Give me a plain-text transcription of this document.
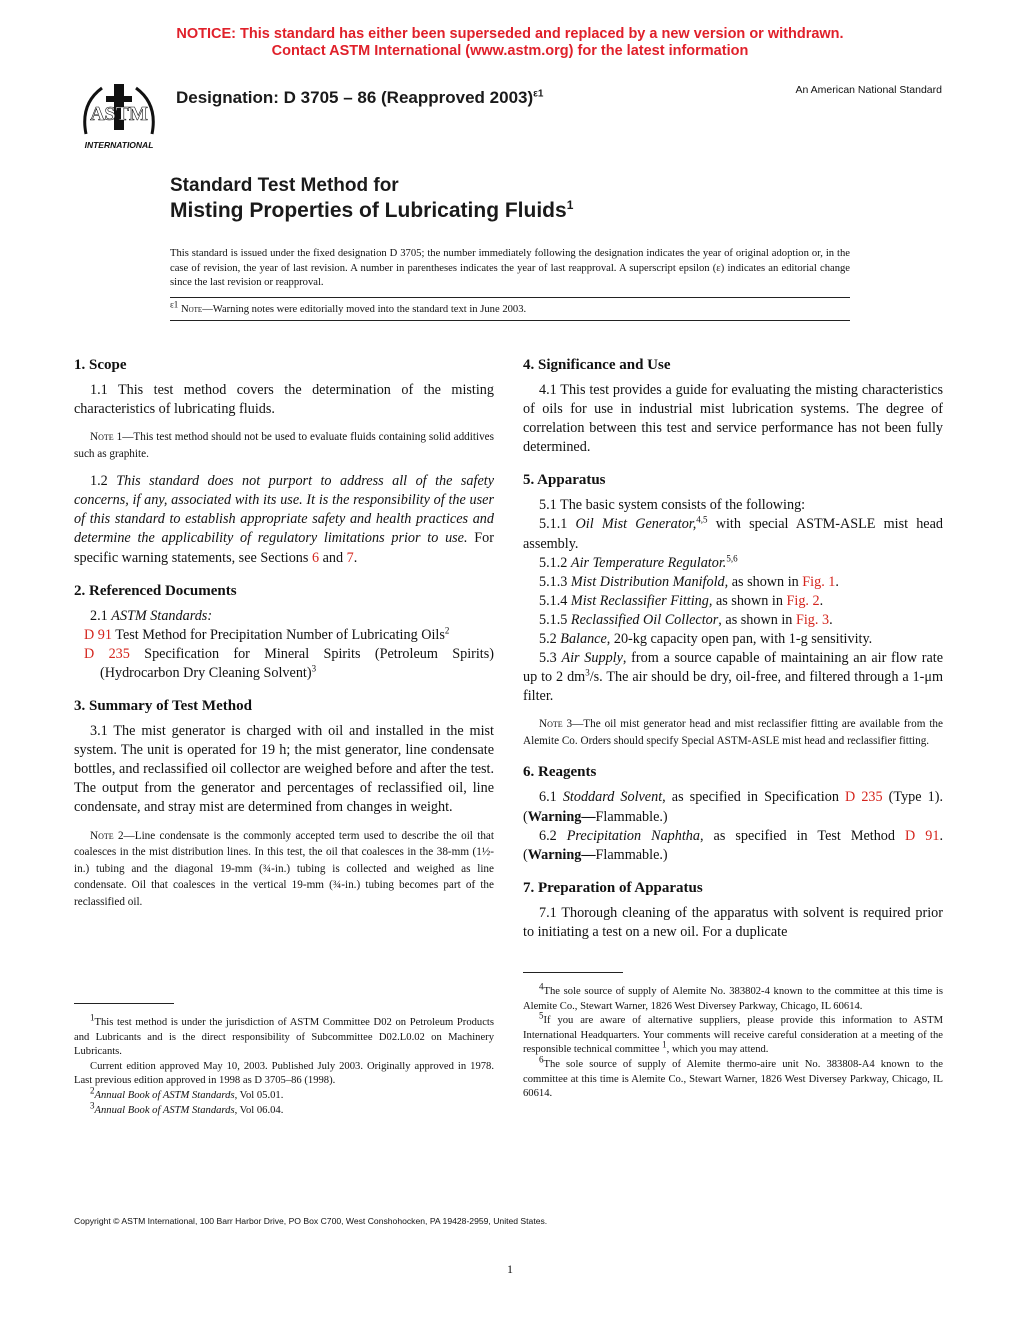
NOTICE: This standard has either been superseded and replaced by a new version or withdrawn.
Contact ASTM International (www.astm.org) for the latest information
ASTM
INTERNATIONAL
Designation: D 3705 – 86 (Reapproved 2003)$^{\varepsilon 1}$	An American National Standard
Standard Test Method for
Misting Properties of Lubricating Fluids$^1$
This standard is issued under the fixed designation D 3705; the number immediately following the designation indicates the year of original adoption or, in the case of revision, the year of last revision. A number in parentheses indicates the year of last reapproval. A superscript epsilon (ε) indicates an editorial change since the last revision or reapproval.
$^{\varepsilon 1}$ Note—Warning notes were editorially moved into the standard text in June 2003.
1. Scope

1.1 This test method covers the determination of the misting characteristics of lubricating fluids.

Note 1—This test method should not be used to evaluate fluids containing solid additives such as graphite.

1.2 This standard does not purport to address all of the safety concerns, if any, associated with its use. It is the responsibility of the user of this standard to establish appropriate safety and health practices and determine the applicability of regulatory limitations prior to use. For specific warning statements, see Sections 6 and 7.

2. Referenced Documents

2.1 ASTM Standards:

D 91 Test Method for Precipitation Number of Lubricating Oils$^2$

D 235 Specification for Mineral Spirits (Petroleum Spirits) (Hydrocarbon Dry Cleaning Solvent)$^3$

3. Summary of Test Method

3.1 The mist generator is charged with oil and installed in the mist system. The unit is operated for 19 h; the mist generator, line condensate bottles, and reclassified oil collector are weighed before and after the test. The output from the generator and percentages of reclassified oil, line condensate, and stray mist are determined from changes in weight.

Note 2—Line condensate is the commonly accepted term used to describe the oil that coalesces in the mist distribution lines. In this test, the oil that coalesces in the 38-mm (1½-in.) tubing and the diagonal 19-mm (¾-in.) tubing is collected and weighed as line condensate. Oil that coalesces in the vertical 19-mm (¾-in.) tubing becomes part of the reclassified oil.

$^1$This test method is under the jurisdiction of ASTM Committee D02 on Petroleum Products and Lubricants and is the direct responsibility of Subcommittee D02.L0.02 on Machinery Lubricants.
Current edition approved May 10, 2003. Published July 2003. Originally approved in 1978. Last previous edition approved in 1998 as D 3705–86 (1998).
$^2$Annual Book of ASTM Standards, Vol 05.01.
$^3$Annual Book of ASTM Standards, Vol 06.04.
4. Significance and Use

4.1 This test provides a guide for evaluating the misting characteristics of oils for use in industrial mist lubrication systems. The degree of correlation between this test and service performance has not been fully determined.

5. Apparatus

5.1 The basic system consists of the following:

5.1.1 Oil Mist Generator,$^{4,5}$ with special ASTM-ASLE mist head assembly.

5.1.2 Air Temperature Regulator.$^{5,6}$

5.1.3 Mist Distribution Manifold, as shown in Fig. 1.

5.1.4 Mist Reclassifier Fitting, as shown in Fig. 2.

5.1.5 Reclassified Oil Collector, as shown in Fig. 3.

5.2 Balance, 20-kg capacity open pan, with 1-g sensitivity.

5.3 Air Supply, from a source capable of maintaining an air flow rate up to 2 $dm^3/s$. The air should be dry, oil-free, and filtered through a 1-μm filter.

Note 3—The oil mist generator head and mist reclassifier fitting are available from the Alemite Co. Orders should specify Special ASTM-ASLE mist head and reclassifier fitting.

6. Reagents

6.1 Stoddard Solvent, as specified in Specification D 235 (Type 1). (Warning—Flammable.)

6.2 Precipitation Naphtha, as specified in Test Method D 91. (Warning—Flammable.)

7. Preparation of Apparatus

7.1 Thorough cleaning of the apparatus with solvent is required prior to initiating a test on a new oil. For a duplicate

$^4$The sole source of supply of Alemite No. 383802-4 known to the committee at this time is Alemite Co., Stewart Warner, 1826 West Diversey Parkway, Chicago, IL 60614.
$^5$If you are aware of alternative suppliers, please provide this information to ASTM International Headquarters. Your comments will receive careful consideration at a meeting of the responsible technical committee $^1$, which you may attend.
$^6$The sole source of supply of Alemite thermo-aire unit No. 383808-A4 known to the committee at this time is Alemite Co., Stewart Warner, 1826 West Diversey Parkway, Chicago, IL 60614.
Copyright © ASTM International, 100 Barr Harbor Drive, PO Box C700, West Conshohocken, PA 19428-2959, United States.
1
